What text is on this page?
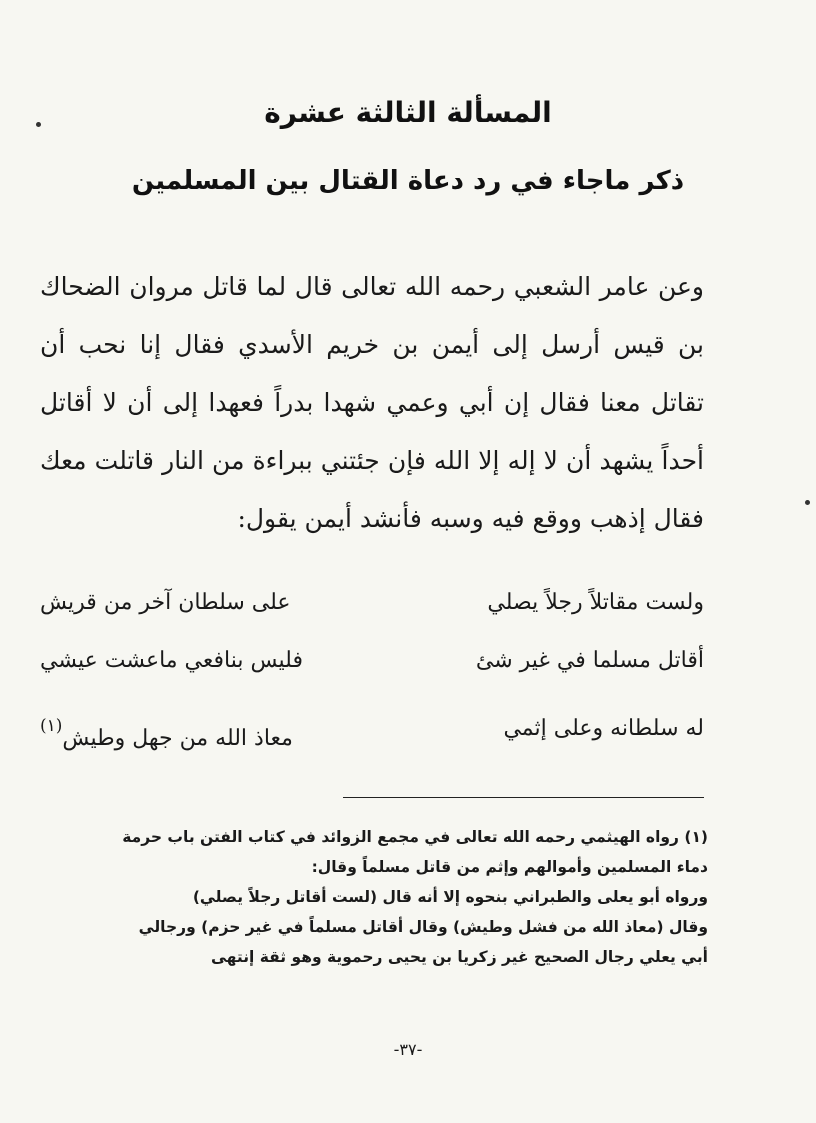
المسألة الثالثة عشرة
ذكر ماجاء في رد دعاة القتال بين المسلمين

وعن عامر الشعبي رحمه الله تعالى قال لما قاتل مروان الضحاك بن قيس أرسل إلى أيمن بن خريم الأسدي فقال إنا نحب أن تقاتل معنا فقال إن أبي وعمي شهدا بدراً فعهدا إلى أن لا أقاتل أحداً يشهد أن لا إله إلا الله فإن جئتني ببراءة من النار قاتلت معك فقال إذهب ووقع فيه وسبه فأنشد أيمن يقول:

ولست مقاتلاً رجلاً يصلي
على سلطان آخر من قريش
أقاتل مسلما في غير شئ
فليس بنافعي ماعشت عيشي
له سلطانه وعلى إثمي
معاذ الله من جهل وطيش$^{(١)}$
(١) رواه الهيثمي رحمه الله تعالى في مجمع الزوائد في كتاب الفتن باب حرمة
دماء المسلمين وأموالهم وإثم من قاتل مسلماً وقال:
ورواه أبو يعلى والطبراني بنحوه إلا أنه قال (لست أقاتل رجلاً يصلي)
وقال (معاذ الله من فشل وطيش) وقال أقاتل مسلماً في غير حزم) ورجالي
أبي يعلي رجال الصحيح غير زكريا بن يحيى رحموية وهو ثقة إنتهى
-٣٧-
